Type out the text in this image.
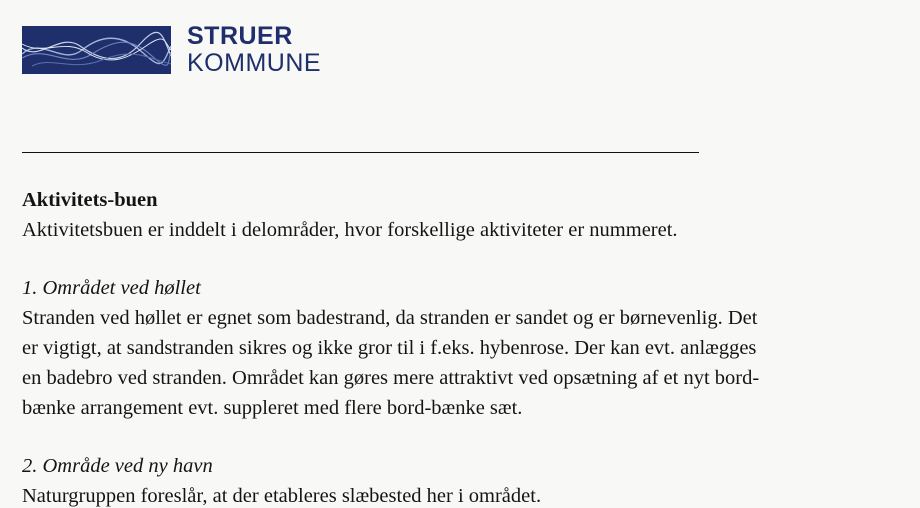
STRUER
KOMMUNE

Aktivitets-buen

Aktivitetsbuen er inddelt i delområder, hvor forskellige aktiviteter er nummeret.

1. Området ved høllet

Stranden ved høllet er egnet som badestrand, da stranden er sandet og er børnevenlig. Det
er vigtigt, at sandstranden sikres og ikke gror til i f.eks. hybenrose. Der kan evt. anlægges
en badebro ved stranden. Området kan gøres mere attraktivt ved opsætning af et nyt bord-
bænke arrangement evt. suppleret med flere bord-bænke sæt.

2. Område ved ny havn

Naturgruppen foreslår, at der etableres slæbested her i området.
